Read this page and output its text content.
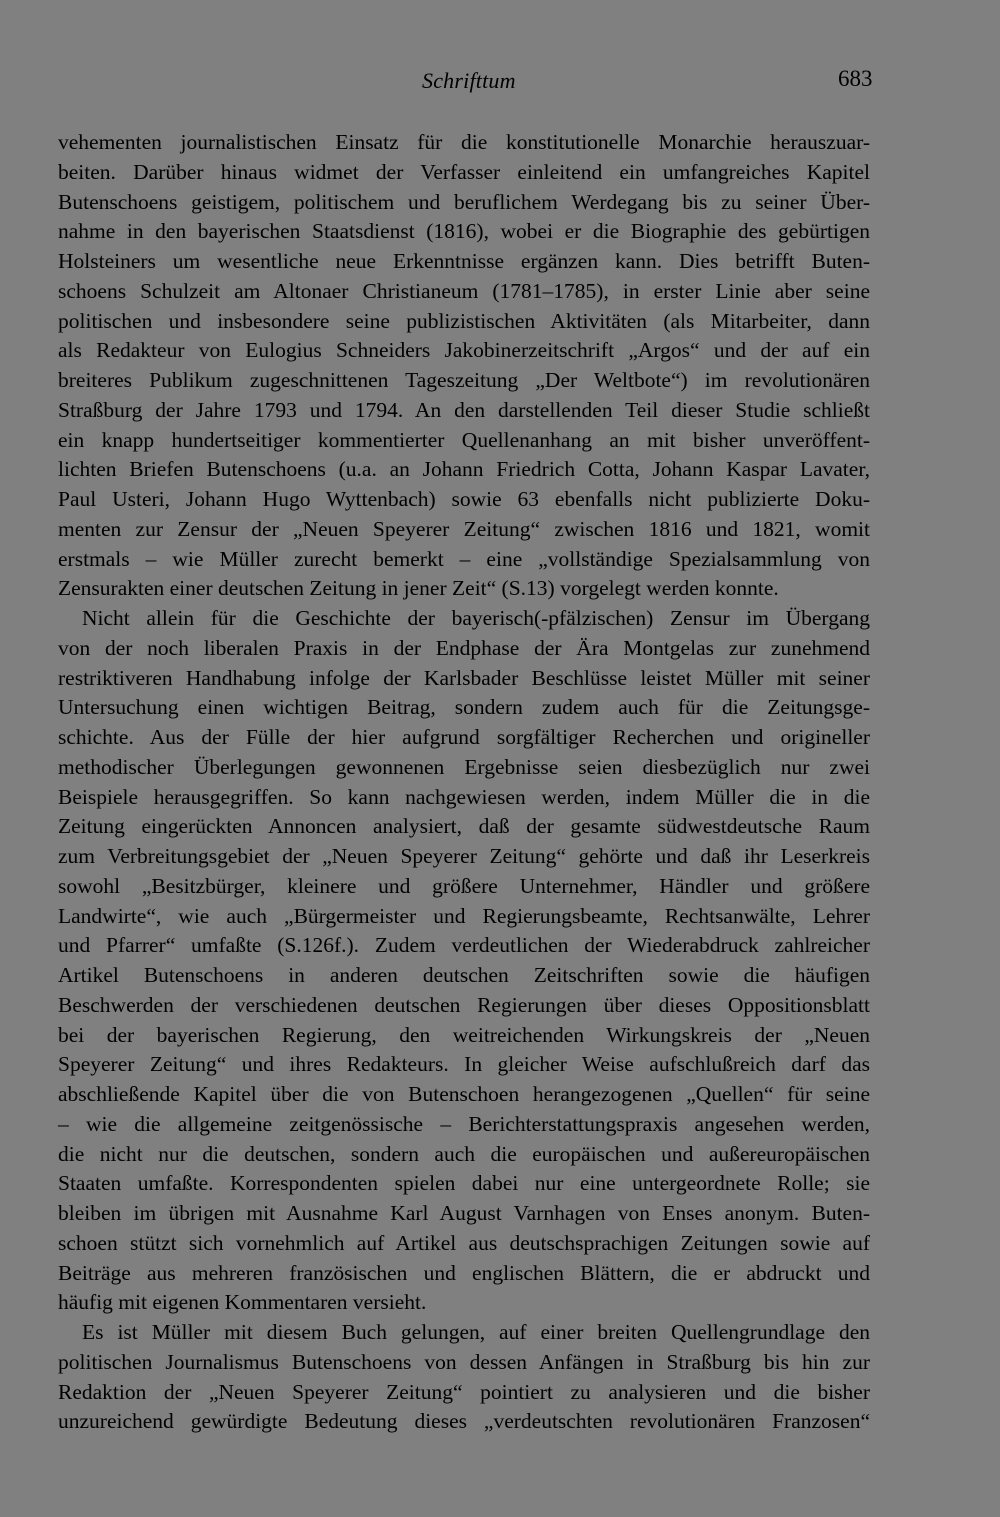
Schrifttum	683
vehementen journalistischen Einsatz für die konstitutionelle Monarchie herauszuar-
beiten. Darüber hinaus widmet der Verfasser einleitend ein umfangreiches Kapitel
Butenschoens geistigem, politischem und beruflichem Werdegang bis zu seiner Über-
nahme in den bayerischen Staatsdienst (1816), wobei er die Biographie des gebürtigen
Holsteiners um wesentliche neue Erkenntnisse ergänzen kann. Dies betrifft Buten-
schoens Schulzeit am Altonaer Christianeum (1781–1785), in erster Linie aber seine
politischen und insbesondere seine publizistischen Aktivitäten (als Mitarbeiter, dann
als Redakteur von Eulogius Schneiders Jakobinerzeitschrift „Argos“ und der auf ein
breiteres Publikum zugeschnittenen Tageszeitung „Der Weltbote“) im revolutionären
Straßburg der Jahre 1793 und 1794. An den darstellenden Teil dieser Studie schließt
ein knapp hundertseitiger kommentierter Quellenanhang an mit bisher unveröffent-
lichten Briefen Butenschoens (u.a. an Johann Friedrich Cotta, Johann Kaspar Lavater,
Paul Usteri, Johann Hugo Wyttenbach) sowie 63 ebenfalls nicht publizierte Doku-
menten zur Zensur der „Neuen Speyerer Zeitung“ zwischen 1816 und 1821, womit
erstmals – wie Müller zurecht bemerkt – eine „vollständige Spezialsammlung von
Zensurakten einer deutschen Zeitung in jener Zeit“ (S.13) vorgelegt werden konnte.
Nicht allein für die Geschichte der bayerisch(-pfälzischen) Zensur im Übergang
von der noch liberalen Praxis in der Endphase der Ära Montgelas zur zunehmend
restriktiveren Handhabung infolge der Karlsbader Beschlüsse leistet Müller mit seiner
Untersuchung einen wichtigen Beitrag, sondern zudem auch für die Zeitungsge-
schichte. Aus der Fülle der hier aufgrund sorgfältiger Recherchen und origineller
methodischer Überlegungen gewonnenen Ergebnisse seien diesbezüglich nur zwei
Beispiele herausgegriffen. So kann nachgewiesen werden, indem Müller die in die
Zeitung eingerückten Annoncen analysiert, daß der gesamte südwestdeutsche Raum
zum Verbreitungsgebiet der „Neuen Speyerer Zeitung“ gehörte und daß ihr Leserkreis
sowohl „Besitzbürger, kleinere und größere Unternehmer, Händler und größere
Landwirte“, wie auch „Bürgermeister und Regierungsbeamte, Rechtsanwälte, Lehrer
und Pfarrer“ umfaßte (S.126f.). Zudem verdeutlichen der Wiederabdruck zahlreicher
Artikel Butenschoens in anderen deutschen Zeitschriften sowie die häufigen
Beschwerden der verschiedenen deutschen Regierungen über dieses Oppositionsblatt
bei der bayerischen Regierung, den weitreichenden Wirkungskreis der „Neuen
Speyerer Zeitung“ und ihres Redakteurs. In gleicher Weise aufschlußreich darf das
abschließende Kapitel über die von Butenschoen herangezogenen „Quellen“ für seine
– wie die allgemeine zeitgenössische – Berichterstattungspraxis angesehen werden,
die nicht nur die deutschen, sondern auch die europäischen und außereuropäischen
Staaten umfaßte. Korrespondenten spielen dabei nur eine untergeordnete Rolle; sie
bleiben im übrigen mit Ausnahme Karl August Varnhagen von Enses anonym. Buten-
schoen stützt sich vornehmlich auf Artikel aus deutschsprachigen Zeitungen sowie auf
Beiträge aus mehreren französischen und englischen Blättern, die er abdruckt und
häufig mit eigenen Kommentaren versieht.
Es ist Müller mit diesem Buch gelungen, auf einer breiten Quellengrundlage den
politischen Journalismus Butenschoens von dessen Anfängen in Straßburg bis hin zur
Redaktion der „Neuen Speyerer Zeitung“ pointiert zu analysieren und die bisher
unzureichend gewürdigte Bedeutung dieses „verdeutschten revolutionären Franzosen“
